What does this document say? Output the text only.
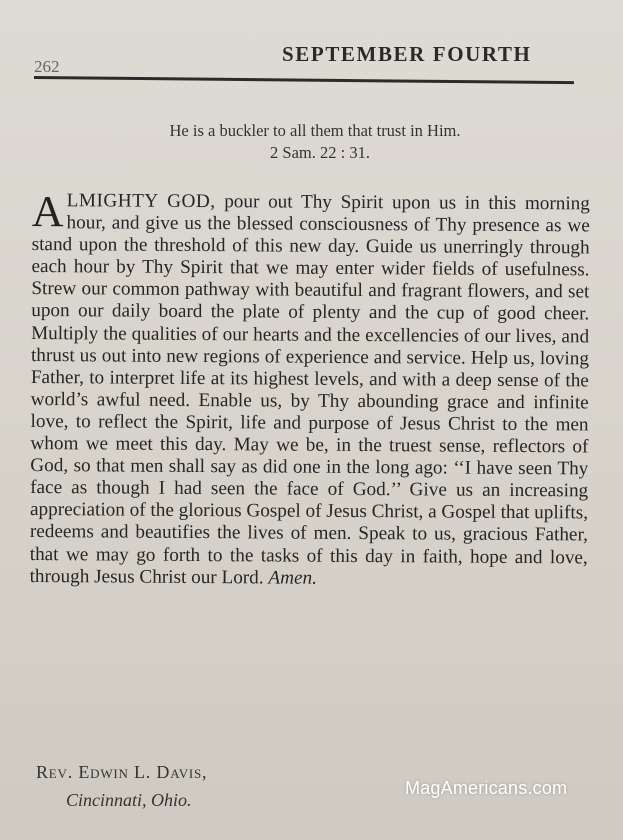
262
SEPTEMBER FOURTH
He is a buckler to all them that trust in Him.
2 Sam. 22 : 31.
ALMIGHTY GOD, pour out Thy Spirit upon us in this morning hour, and give us the blessed consciousness of Thy presence as we stand upon the threshold of this new day. Guide us unerringly through each hour by Thy Spirit that we may enter wider fields of usefulness. Strew our common pathway with beautiful and fragrant flowers, and set upon our daily board the plate of plenty and the cup of good cheer. Multiply the qualities of our hearts and the excellencies of our lives, and thrust us out into new regions of experience and service. Help us, loving Father, to interpret life at its highest levels, and with a deep sense of the world’s awful need. Enable us, by Thy abounding grace and infinite love, to reflect the Spirit, life and purpose of Jesus Christ to the men whom we meet this day. May we be, in the truest sense, reflectors of God, so that men shall say as did one in the long ago: ‘‘I have seen Thy face as though I had seen the face of God.’’ Give us an increasing appreciation of the glorious Gospel of Jesus Christ, a Gospel that uplifts, redeems and beautifies the lives of men. Speak to us, gracious Father, that we may go forth to the tasks of this day in faith, hope and love, through Jesus Christ our Lord. Amen.
Rev. Edwin L. Davis,
Cincinnati, Ohio.
MagAmericans.com
